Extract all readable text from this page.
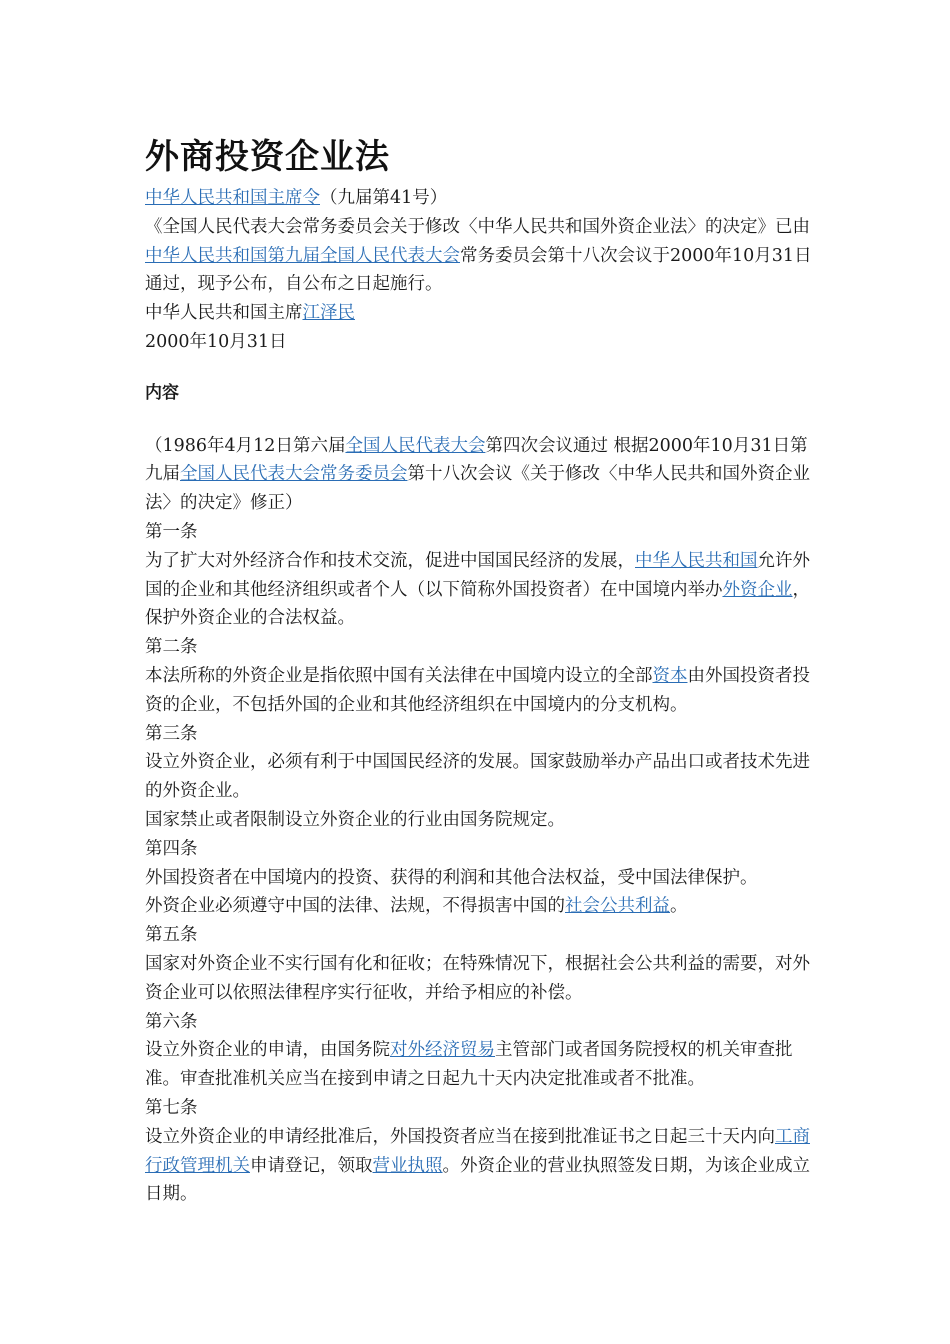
外商投资企业法

中华人民共和国主席令（九届第41号）

《全国人民代表大会常务委员会关于修改〈中华人民共和国外资企业法〉的决定》已由中华人民共和国第九届全国人民代表大会常务委员会第十八次会议于2000年10月31日通过，现予公布，自公布之日起施行。

中华人民共和国主席江泽民

2000年10月31日

内容

（1986年4月12日第六届全国人民代表大会第四次会议通过 根据2000年10月31日第九届全国人民代表大会常务委员会第十八次会议《关于修改〈中华人民共和国外资企业法〉的决定》修正）

第一条

为了扩大对外经济合作和技术交流，促进中国国民经济的发展，中华人民共和国允许外国的企业和其他经济组织或者个人（以下简称外国投资者）在中国境内举办外资企业，保护外资企业的合法权益。

第二条

本法所称的外资企业是指依照中国有关法律在中国境内设立的全部资本由外国投资者投资的企业，不包括外国的企业和其他经济组织在中国境内的分支机构。

第三条

设立外资企业，必须有利于中国国民经济的发展。国家鼓励举办产品出口或者技术先进的外资企业。

国家禁止或者限制设立外资企业的行业由国务院规定。

第四条

外国投资者在中国境内的投资、获得的利润和其他合法权益，受中国法律保护。

外资企业必须遵守中国的法律、法规，不得损害中国的社会公共利益。

第五条

国家对外资企业不实行国有化和征收；在特殊情况下，根据社会公共利益的需要，对外资企业可以依照法律程序实行征收，并给予相应的补偿。

第六条

设立外资企业的申请，由国务院对外经济贸易主管部门或者国务院授权的机关审查批准。审查批准机关应当在接到申请之日起九十天内决定批准或者不批准。

第七条

设立外资企业的申请经批准后，外国投资者应当在接到批准证书之日起三十天内向工商行政管理机关申请登记，领取营业执照。外资企业的营业执照签发日期，为该企业成立日期。
